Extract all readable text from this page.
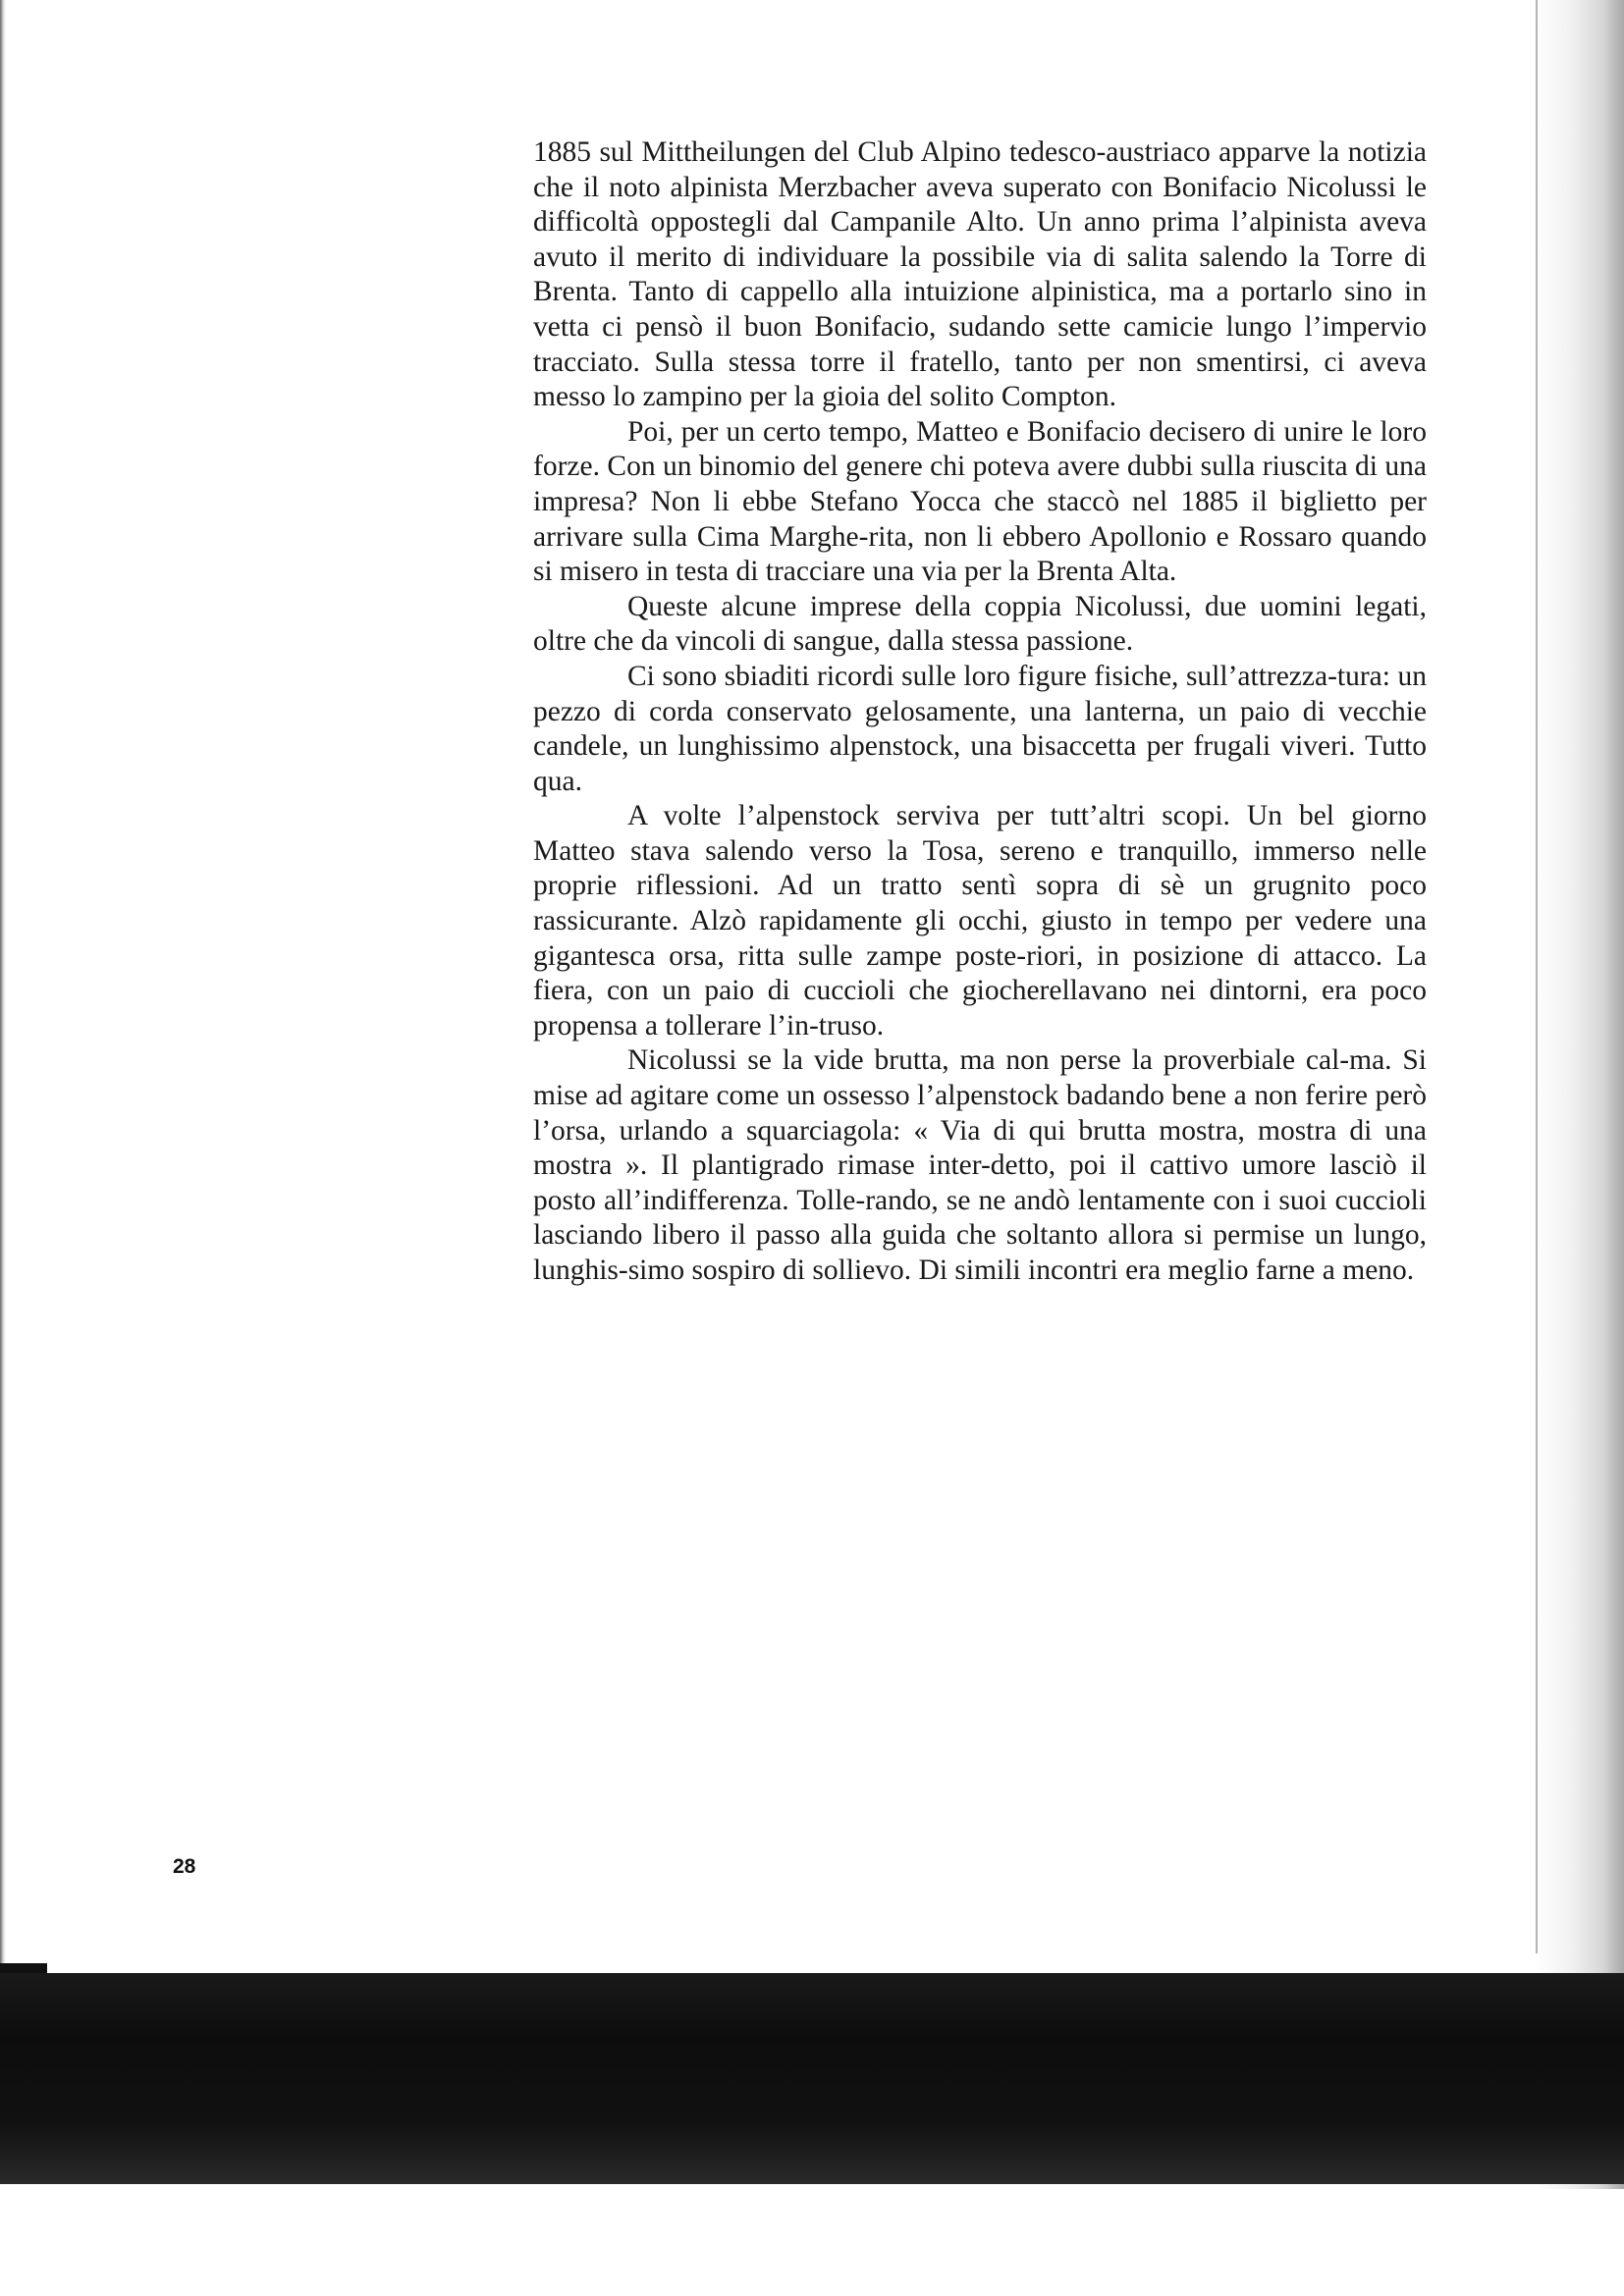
1885 sul Mittheilungen del Club Alpino tedesco-austriaco apparve la notizia che il noto alpinista Merzbacher aveva superato con Bonifacio Nicolussi le difficoltà oppostegli dal Campanile Alto. Un anno prima l’alpinista aveva avuto il merito di individuare la possibile via di salita salendo la Torre di Brenta. Tanto di cappello alla intuizione alpinistica, ma a portarlo sino in vetta ci pensò il buon Bonifacio, sudando sette camicie lungo l’impervio tracciato. Sulla stessa torre il fratello, tanto per non smentirsi, ci aveva messo lo zampino per la gioia del solito Compton.

Poi, per un certo tempo, Matteo e Bonifacio decisero di unire le loro forze. Con un binomio del genere chi poteva avere dubbi sulla riuscita di una impresa? Non li ebbe Stefano Yocca che staccò nel 1885 il biglietto per arrivare sulla Cima Marghe-rita, non li ebbero Apollonio e Rossaro quando si misero in testa di tracciare una via per la Brenta Alta.

Queste alcune imprese della coppia Nicolussi, due uomini legati, oltre che da vincoli di sangue, dalla stessa passione.

Ci sono sbiaditi ricordi sulle loro figure fisiche, sull’attrezza-tura: un pezzo di corda conservato gelosamente, una lanterna, un paio di vecchie candele, un lunghissimo alpenstock, una bisaccetta per frugali viveri. Tutto qua.

A volte l’alpenstock serviva per tutt’altri scopi. Un bel giorno Matteo stava salendo verso la Tosa, sereno e tranquillo, immerso nelle proprie riflessioni. Ad un tratto sentì sopra di sè un grugnito poco rassicurante. Alzò rapidamente gli occhi, giusto in tempo per vedere una gigantesca orsa, ritta sulle zampe poste-riori, in posizione di attacco. La fiera, con un paio di cuccioli che giocherellavano nei dintorni, era poco propensa a tollerare l’in-truso.

Nicolussi se la vide brutta, ma non perse la proverbiale cal-ma. Si mise ad agitare come un ossesso l’alpenstock badando bene a non ferire però l’orsa, urlando a squarciagola: « Via di qui brutta mostra, mostra di una mostra ». Il plantigrado rimase inter-detto, poi il cattivo umore lasciò il posto all’indifferenza. Tolle-rando, se ne andò lentamente con i suoi cuccioli lasciando libero il passo alla guida che soltanto allora si permise un lungo, lunghis-simo sospiro di sollievo. Di simili incontri era meglio farne a meno.

28
